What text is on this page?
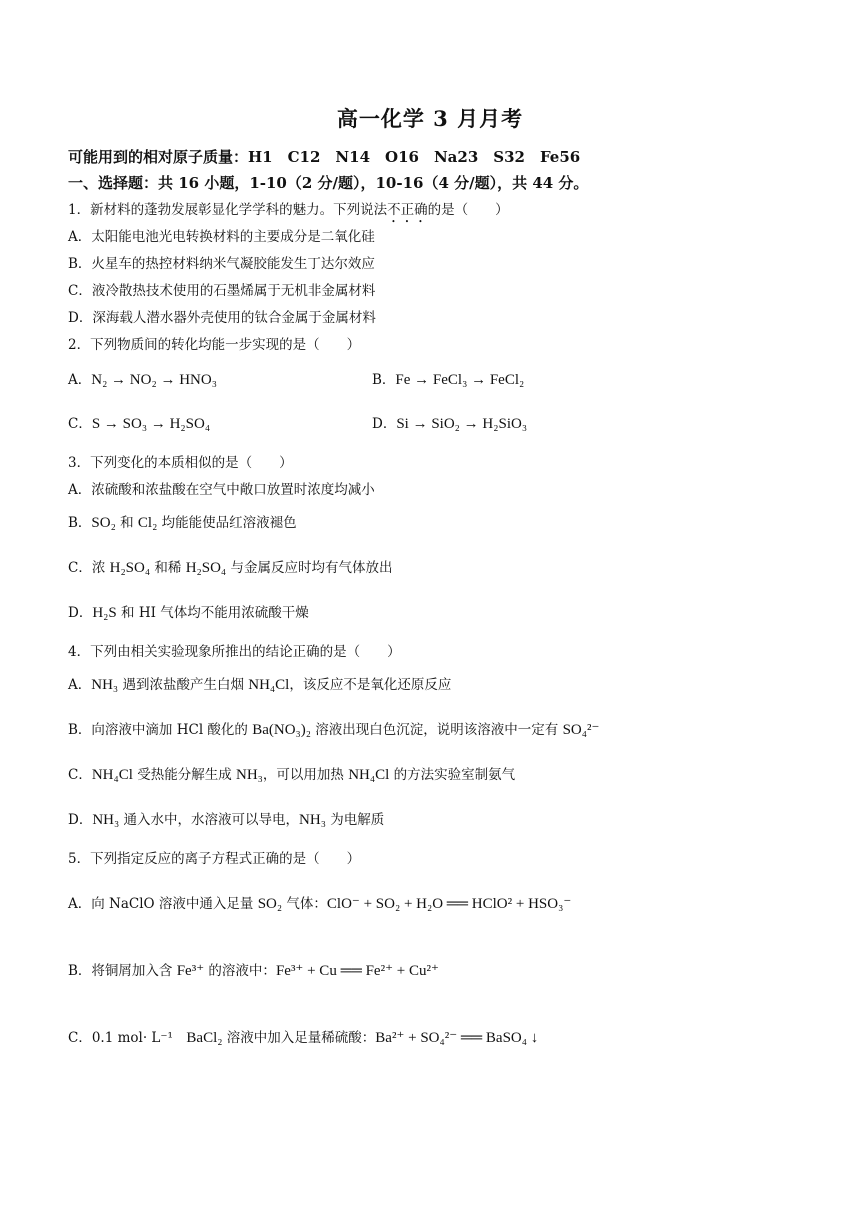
高一化学 3 月月考
可能用到的相对原子质量：H1　C12　N14　O16　Na23　S32　Fe56
一、选择题：共 16 小题，1-10（2 分/题），10-16（4 分/题），共 44 分。
1．新材料的蓬勃发展彰显化学学科的魅力。下列说法不正确的是（　　）
A．太阳能电池光电转换材料的主要成分是二氧化硅
B．火星车的热控材料纳米气凝胶能发生丁达尔效应
C．液冷散热技术使用的石墨烯属于无机非金属材料
D．深海载人潜水器外壳使用的钛合金属于金属材料
2．下列物质间的转化均能一步实现的是（　　）
A．N₂ → NO₂ → HNO₃	B．Fe → FeCl₃ → FeCl₂
C．S → SO₃ → H₂SO₄	D．Si → SiO₂ → H₂SiO₃
3．下列变化的本质相似的是（　　）
A．浓硫酸和浓盐酸在空气中敞口放置时浓度均减小
B．SO₂ 和 Cl₂ 均能能使品红溶液褪色
C．浓 H₂SO₄ 和稀 H₂SO₄ 与金属反应时均有气体放出
D．H₂S 和 HI 气体均不能用浓硫酸干燥
4．下列由相关实验现象所推出的结论正确的是（　　）
A．NH₃ 遇到浓盐酸产生白烟 NH₄Cl，该反应不是氧化还原反应
B．向溶液中滴加 HCl 酸化的 Ba(NO₃)₂ 溶液出现白色沉淀，说明该溶液中一定有 SO₄²⁻
C．NH₄Cl 受热能分解生成 NH₃，可以用加热 NH₄Cl 的方法实验室制氨气
D．NH₃ 通入水中，水溶液可以导电，NH₃ 为电解质
5．下列指定反应的离子方程式正确的是（　　）
A．向 NaClO 溶液中通入足量 SO₂ 气体：ClO⁻ + SO₂ + H₂O ══ HClO² + HSO₃⁻
B．将铜屑加入含 Fe³⁺ 的溶液中：Fe³⁺ + Cu ══ Fe²⁺ + Cu²⁺
C．0.1 mol· L⁻¹　BaCl₂ 溶液中加入足量稀硫酸：Ba²⁺ + SO₄²⁻ ══ BaSO₄ ↓
